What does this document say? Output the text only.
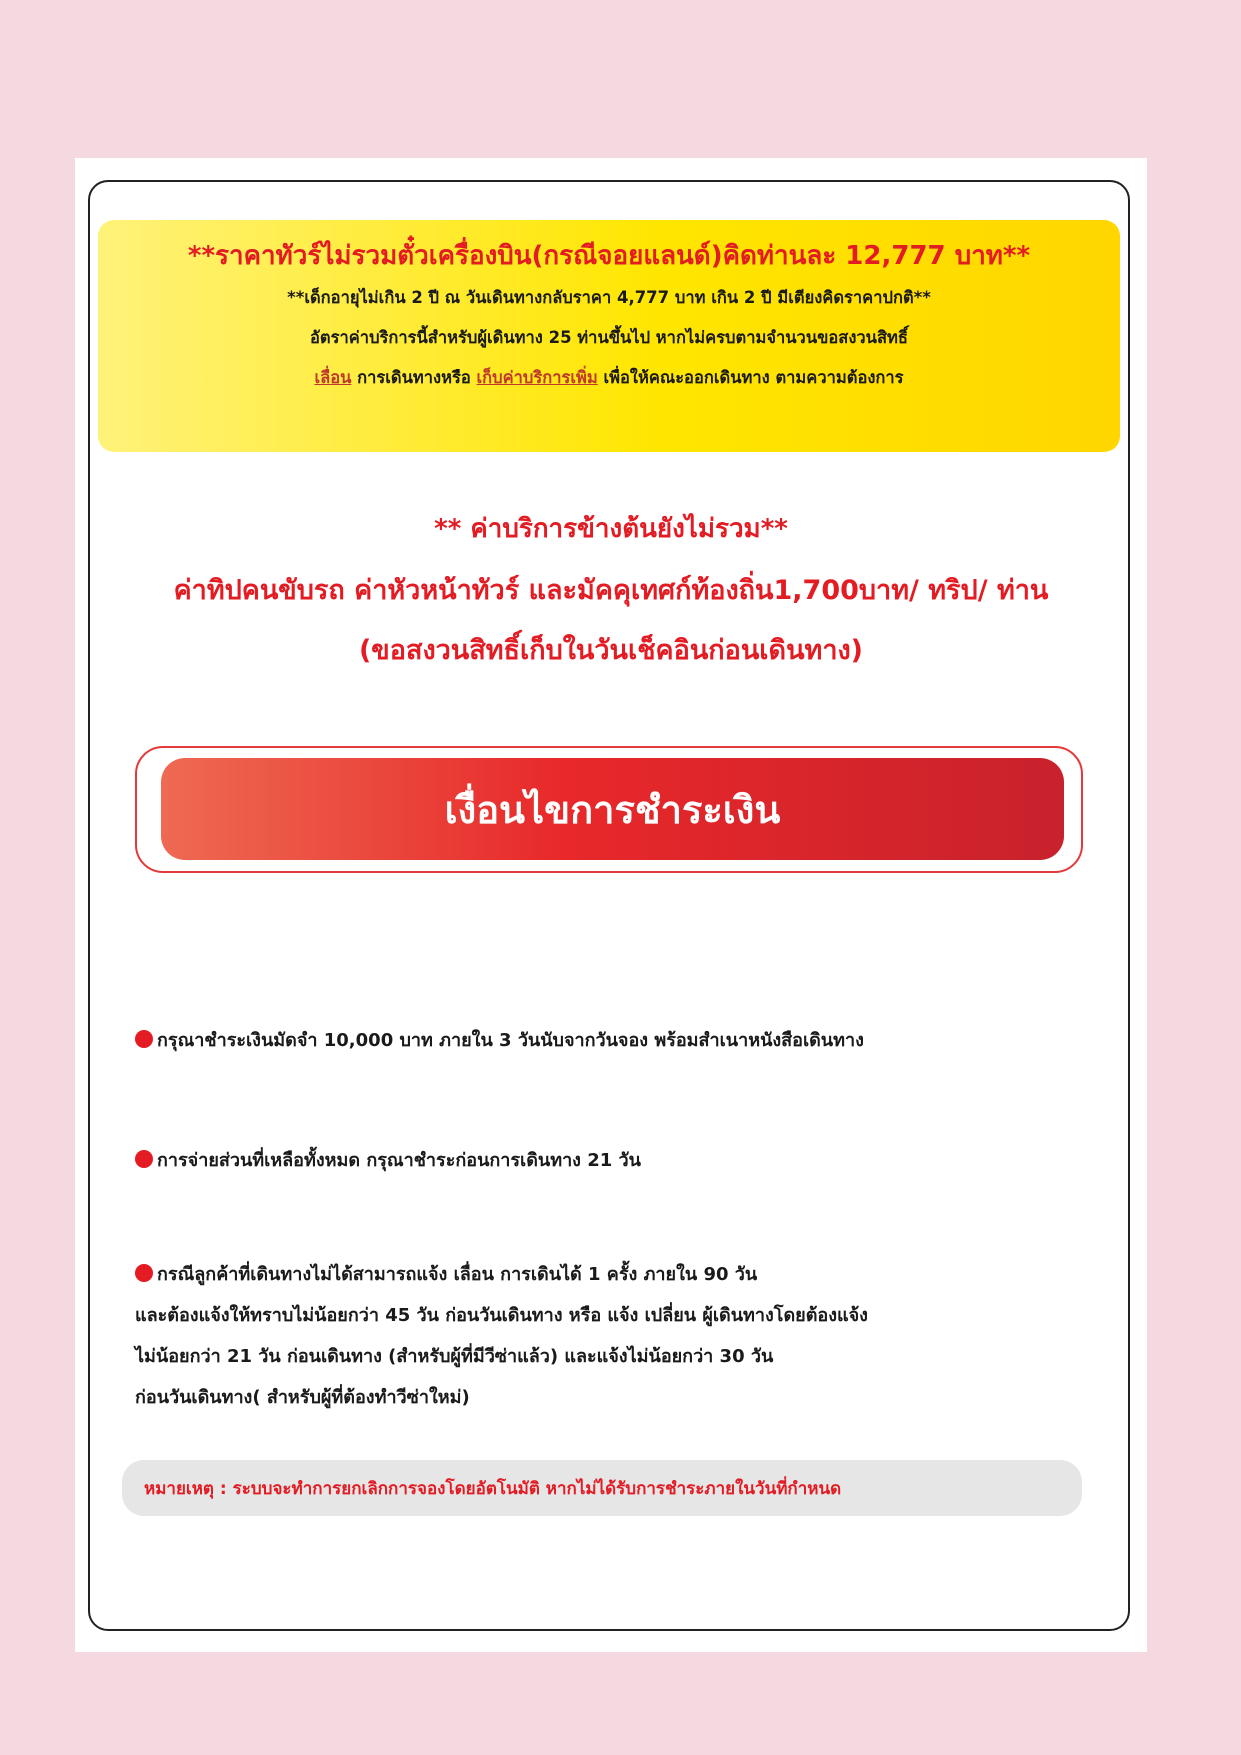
**ราคาทัวร์ไม่รวมตั๋วเครื่องบิน(กรณีจอยแลนด์)คิดท่านละ 12,777 บาท**
**เด็กอายุไม่เกิน 2 ปี ณ วันเดินทางกลับราคา 4,777 บาท เกิน 2 ปี มีเตียงคิดราคาปกติ**
อัตราค่าบริการนี้สำหรับผู้เดินทาง 25 ท่านขึ้นไป หากไม่ครบตามจำนวนขอสงวนสิทธิ์
เลื่อน การเดินทางหรือ เก็บค่าบริการเพิ่ม เพื่อให้คณะออกเดินทาง ตามความต้องการ
** ค่าบริการข้างต้นยังไม่รวม**
ค่าทิปคนขับรถ ค่าหัวหน้าทัวร์ และมัคคุเทศก์ท้องถิ่น1,700บาท/ ทริป/ ท่าน
(ขอสงวนสิทธิ์เก็บในวันเช็คอินก่อนเดินทาง)
เงื่อนไขการชำระเงิน
กรุณาชำระเงินมัดจำ 10,000 บาท ภายใน 3 วันนับจากวันจอง พร้อมสำเนาหนังสือเดินทาง
การจ่ายส่วนที่เหลือทั้งหมด กรุณาชำระก่อนการเดินทาง 21 วัน
กรณีลูกค้าที่เดินทางไม่ได้สามารถแจ้ง เลื่อน การเดินได้ 1 ครั้ง ภายใน 90 วัน
และต้องแจ้งให้ทราบไม่น้อยกว่า 45 วัน ก่อนวันเดินทาง หรือ แจ้ง เปลี่ยน ผู้เดินทางโดยต้องแจ้ง
ไม่น้อยกว่า 21 วัน ก่อนเดินทาง (สำหรับผู้ที่มีวีซ่าแล้ว) และแจ้งไม่น้อยกว่า 30 วัน
ก่อนวันเดินทาง( สำหรับผู้ที่ต้องทำวีซ่าใหม่)
หมายเหตุ : ระบบจะทำการยกเลิกการจองโดยอัตโนมัติ หากไม่ได้รับการชำระภายในวันที่กำหนด
